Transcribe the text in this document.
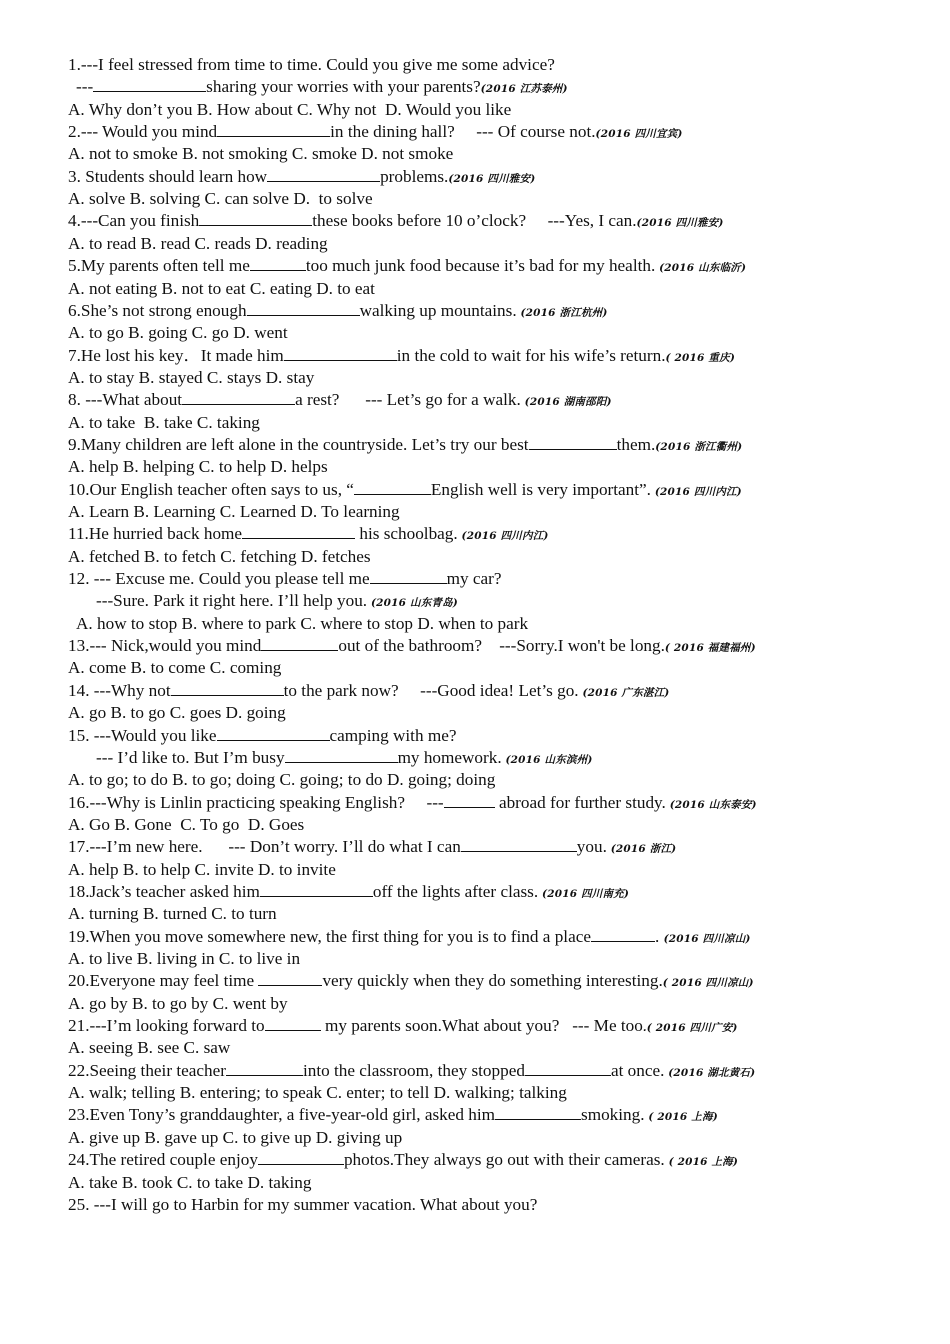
1.---I feel stressed from time to time. Could you give me some advice?
---	sharing your worries with your parents?(2016 江苏泰州)
A. Why don’t you B. How about C. Why not  D. Would you like
2.--- Would you mind	in the dining hall?     --- Of course not.(2016 四川宜宾)
A. not to smoke B. not smoking C. smoke D. not smoke
3. Students should learn how	problems.(2016 四川雅安)
A. solve B. solving C. can solve D.  to solve
4.---Can you finish	these books before 10 o’clock?     ---Yes, I can.(2016 四川雅安)
A. to read B. read C. reads D. reading
5.My parents often tell me	too much junk food because it’s bad for my health. (2016 山东临沂)
A. not eating B. not to eat C. eating D. to eat
6.She’s not strong enough	walking up mountains. (2016 浙江杭州)
A. to go B. going C. go D. went
7.He lost his key．It made him	in the cold to wait for his wife’s return.( 2016 重庆)
A. to stay B. stayed C. stays D. stay
8. ---What about	a rest?      --- Let’s go for a walk. (2016 湖南邵阳)
A. to take  B. take C. taking
9.Many children are left alone in the countryside. Let’s try our best	them.(2016 浙江衢州)
A. help B. helping C. to help D. helps
10.Our English teacher often says to us, “	English well is very important”. (2016 四川内江)
A. Learn B. Learning C. Learned D. To learning
11.He hurried back home	his schoolbag. (2016 四川内江)
A. fetched B. to fetch C. fetching D. fetches
12. --- Excuse me. Could you please tell me	my car?
---Sure. Park it right here. I’ll help you. (2016 山东青岛)
A. how to stop B. where to park C. where to stop D. when to park
13.--- Nick,would you mind	out of the bathroom?    ---Sorry.I won't be long.( 2016 福建福州)
A. come B. to come C. coming
14. ---Why not	to the park now?     ---Good idea! Let’s go. (2016 广东湛江)
A. go B. to go C. goes D. going
15. ---Would you like	camping with me?
--- I’d like to. But I’m busy	my homework. (2016 山东滨州)
A. to go; to do B. to go; doing C. going; to do D. going; doing
16.---Why is Linlin practicing speaking English?     ---	abroad for further study. (2016 山东泰安)
A. Go B. Gone  C. To go  D. Goes
17.---I’m new here.      --- Don’t worry. I’ll do what I can	you. (2016 浙江)
A. help B. to help C. invite D. to invite
18.Jack’s teacher asked him	off the lights after class. (2016 四川南充)
A. turning B. turned C. to turn
19.When you move somewhere new, the first thing for you is to find a place	. (2016 四川凉山)
A. to live B. living in C. to live in
20.Everyone may feel time	very quickly when they do something interesting.( 2016 四川凉山)
A. go by B. to go by C. went by
21.---I’m looking forward to	my parents soon.What about you?   --- Me too.( 2016 四川广安)
A. seeing B. see C. saw
22.Seeing their teacher	into the classroom, they stopped	at once. (2016 湖北黄石)
A. walk; telling B. entering; to speak C. enter; to tell D. walking; talking
23.Even Tony’s granddaughter, a five-year-old girl, asked him	smoking. ( 2016 上海)
A. give up B. gave up C. to give up D. giving up
24.The retired couple enjoy	photos.They always go out with their cameras. ( 2016 上海)
A. take B. took C. to take D. taking
25. ---I will go to Harbin for my summer vacation. What about you?
